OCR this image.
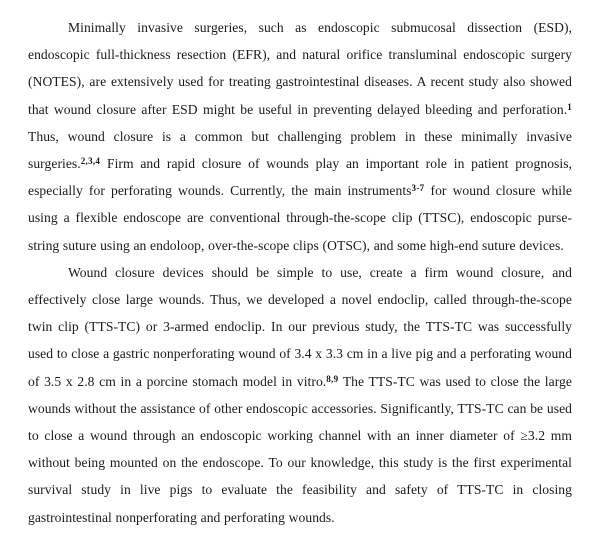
Minimally invasive surgeries, such as endoscopic submucosal dissection (ESD), endoscopic full-thickness resection (EFR), and natural orifice transluminal endoscopic surgery (NOTES), are extensively used for treating gastrointestinal diseases. A recent study also showed that wound closure after ESD might be useful in preventing delayed bleeding and perforation.$^1$ Thus, wound closure is a common but challenging problem in these minimally invasive surgeries.$^{2,3,4}$ Firm and rapid closure of wounds play an important role in patient prognosis, especially for perforating wounds. Currently, the main instruments$^{3-7}$ for wound closure while using a flexible endoscope are conventional through-the-scope clip (TTSC), endoscopic purse-string suture using an endoloop, over-the-scope clips (OTSC), and some high-end suture devices.

Wound closure devices should be simple to use, create a firm wound closure, and effectively close large wounds. Thus, we developed a novel endoclip, called through-the-scope twin clip (TTS-TC) or 3-armed endoclip. In our previous study, the TTS-TC was successfully used to close a gastric nonperforating wound of 3.4 x 3.3 cm in a live pig and a perforating wound of 3.5 x 2.8 cm in a porcine stomach model in vitro.$^{8,9}$ The TTS-TC was used to close the large wounds without the assistance of other endoscopic accessories. Significantly, TTS-TC can be used to close a wound through an endoscopic working channel with an inner diameter of ≥3.2 mm without being mounted on the endoscope. To our knowledge, this study is the first experimental survival study in live pigs to evaluate the feasibility and safety of TTS-TC in closing gastrointestinal nonperforating and perforating wounds.
